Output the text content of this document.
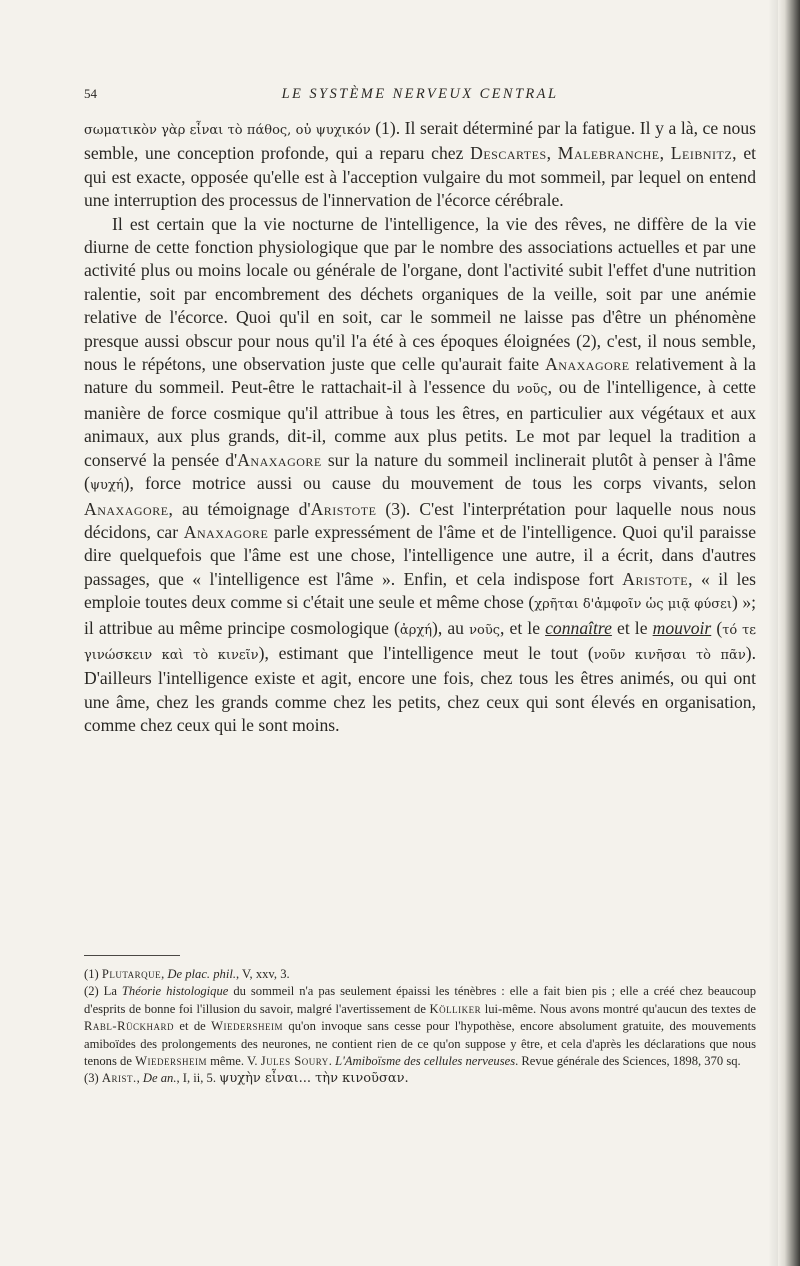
54	LE SYSTÈME NERVEUX CENTRAL

σωματικὸν γὰρ εἶναι τὸ πάθος, οὐ ψυχικόν (1). Il serait déterminé par la fatigue. Il y a là, ce nous semble, une conception profonde, qui a reparu chez Descartes, Malebranche, Leibnitz, et qui est exacte, opposée qu'elle est à l'acception vulgaire du mot sommeil, par lequel on entend une interruption des processus de l'innervation de l'écorce cérébrale.

Il est certain que la vie nocturne de l'intelligence, la vie des rêves, ne diffère de la vie diurne de cette fonction physiologique que par le nombre des associations actuelles et par une activité plus ou moins locale ou générale de l'organe, dont l'activité subit l'effet d'une nutrition ralentie, soit par encombrement des déchets organiques de la veille, soit par une anémie relative de l'écorce. Quoi qu'il en soit, car le sommeil ne laisse pas d'être un phénomène presque aussi obscur pour nous qu'il l'a été à ces époques éloignées (2), c'est, il nous semble, nous le répétons, une observation juste que celle qu'aurait faite Anaxagore relativement à la nature du sommeil. Peut-être le rattachait-il à l'essence du νοῦς, ou de l'intelligence, à cette manière de force cosmique qu'il attribue à tous les êtres, en particulier aux végétaux et aux animaux, aux plus grands, dit-il, comme aux plus petits. Le mot par lequel la tradition a conservé la pensée d'Anaxagore sur la nature du sommeil inclinerait plutôt à penser à l'âme (ψυχή), force motrice aussi ou cause du mouvement de tous les corps vivants, selon Anaxagore, au témoignage d'Aristote (3). C'est l'interprétation pour laquelle nous nous décidons, car Anaxagore parle expressément de l'âme et de l'intelligence. Quoi qu'il paraisse dire quelquefois que l'âme est une chose, l'intelligence une autre, il a écrit, dans d'autres passages, que « l'intelligence est l'âme ». Enfin, et cela indispose fort Aristote, « il les emploie toutes deux comme si c'était une seule et même chose (χρῆται δ'ἀμφοῖν ὡς μιᾷ φύσει) »; il attribue au même principe cosmologique (ἀρχή), au νοῦς, et le connaître et le mouvoir (τό τε γινώσκειν καὶ τὸ κινεῖν), estimant que l'intelligence meut le tout (νοῦν κινῆσαι τὸ πᾶν). D'ailleurs l'intelligence existe et agit, encore une fois, chez tous les êtres animés, ou qui ont une âme, chez les grands comme chez les petits, chez ceux qui sont élevés en organisation, comme chez ceux qui le sont moins.

(1) Plutarque, De plac. phil., V, xxv, 3.

(2) La Théorie histologique du sommeil n'a pas seulement épaissi les ténèbres : elle a fait bien pis ; elle a créé chez beaucoup d'esprits de bonne foi l'illusion du savoir, malgré l'avertissement de Kölliker lui-même. Nous avons montré qu'aucun des textes de Rabl-Rückhard et de Wiedersheim qu'on invoque sans cesse pour l'hypothèse, encore absolument gratuite, des mouvements amiboïdes des prolongements des neurones, ne contient rien de ce qu'on suppose y être, et cela d'après les déclarations que nous tenons de Wiedersheim même. V. Jules Soury. L'Amiboïsme des cellules nerveuses. Revue générale des Sciences, 1898, 370 sq.

(3) Arist., De an., I, ii, 5. ψυχὴν εἶναι... τὴν κινοῦσαν.
